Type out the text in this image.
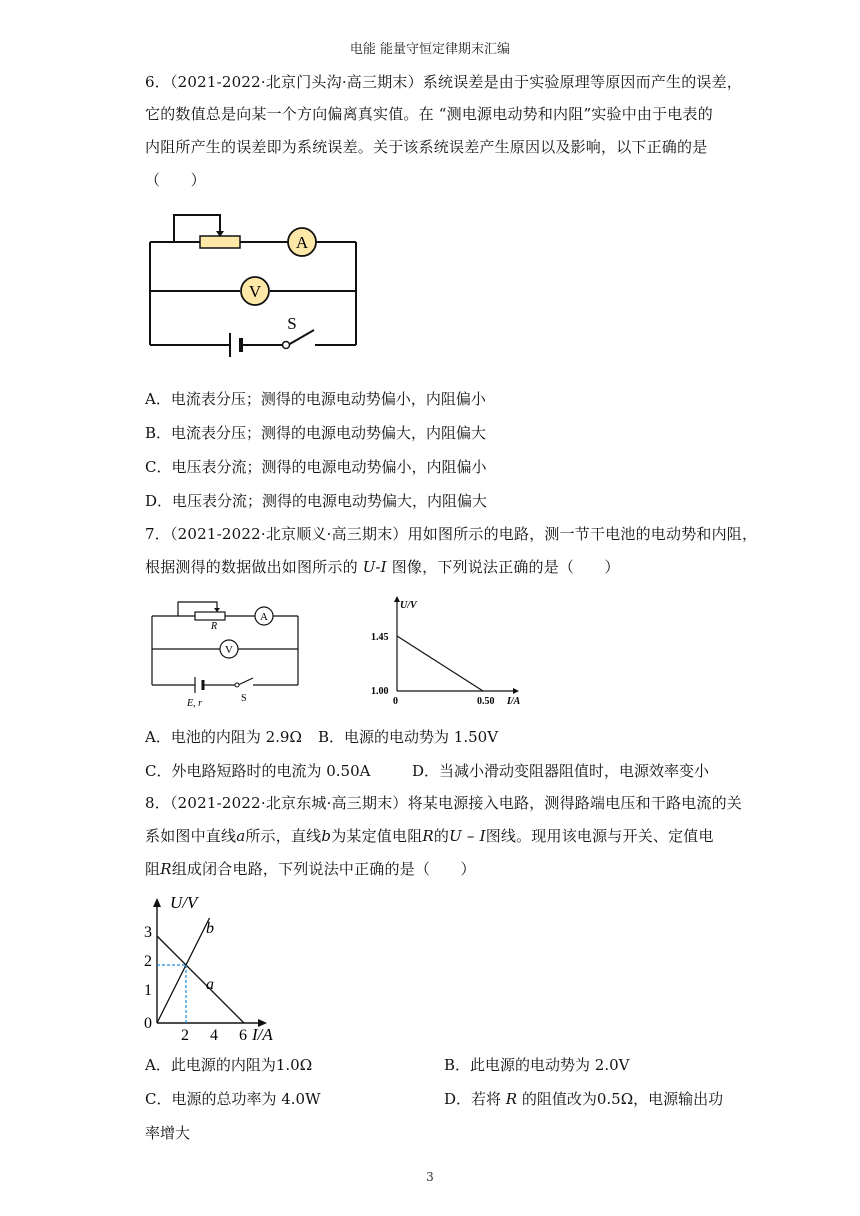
电能 能量守恒定律期末汇编
6．（2021-2022·北京门头沟·高三期末）系统误差是由于实验原理等原因而产生的误差，
它的数值总是向某一个方向偏离真实值。在 “测电源电动势和内阻”实验中由于电表的
内阻所产生的误差即为系统误差。关于该系统误差产生原因以及影响，以下正确的是
（　　）
A
V
S
A．电流表分压；测得的电源电动势偏小，内阻偏小
B．电流表分压；测得的电源电动势偏大，内阻偏大
C．电压表分流；测得的电源电动势偏小，内阻偏小
D．电压表分流；测得的电源电动势偏大，内阻偏大
7．（2021-2022·北京顺义·高三期末）用如图所示的电路，测一节干电池的电动势和内阻，
根据测得的数据做出如图所示的 U-I 图像，下列说法正确的是（　　）
A
V
R
E, r	S
U/V
I/A
1.45
1.00
0	0.50
A．电池的内阻为 2.9Ω B．电源的电动势为 1.50V
C．外电路短路时的电流为 0.50A	D．当减小滑动变阻器阻值时，电源效率变小
8．（2021-2022·北京东城·高三期末）将某电源接入电路，测得路端电压和干路电流的关
系如图中直线a所示，直线b为某定值电阻R的U – I图线。现用该电源与开关、定值电
阻R组成闭合电路，下列说法中正确的是（　　）
U/V
I/A
3
2
1
0
2 4 6
a
b
A．此电源的内阻为1.0Ω	B．此电源的电动势为 2.0V
C．电源的总功率为 4.0W	D．若将 R 的阻值改为0.5Ω，电源输出功
率增大
3
